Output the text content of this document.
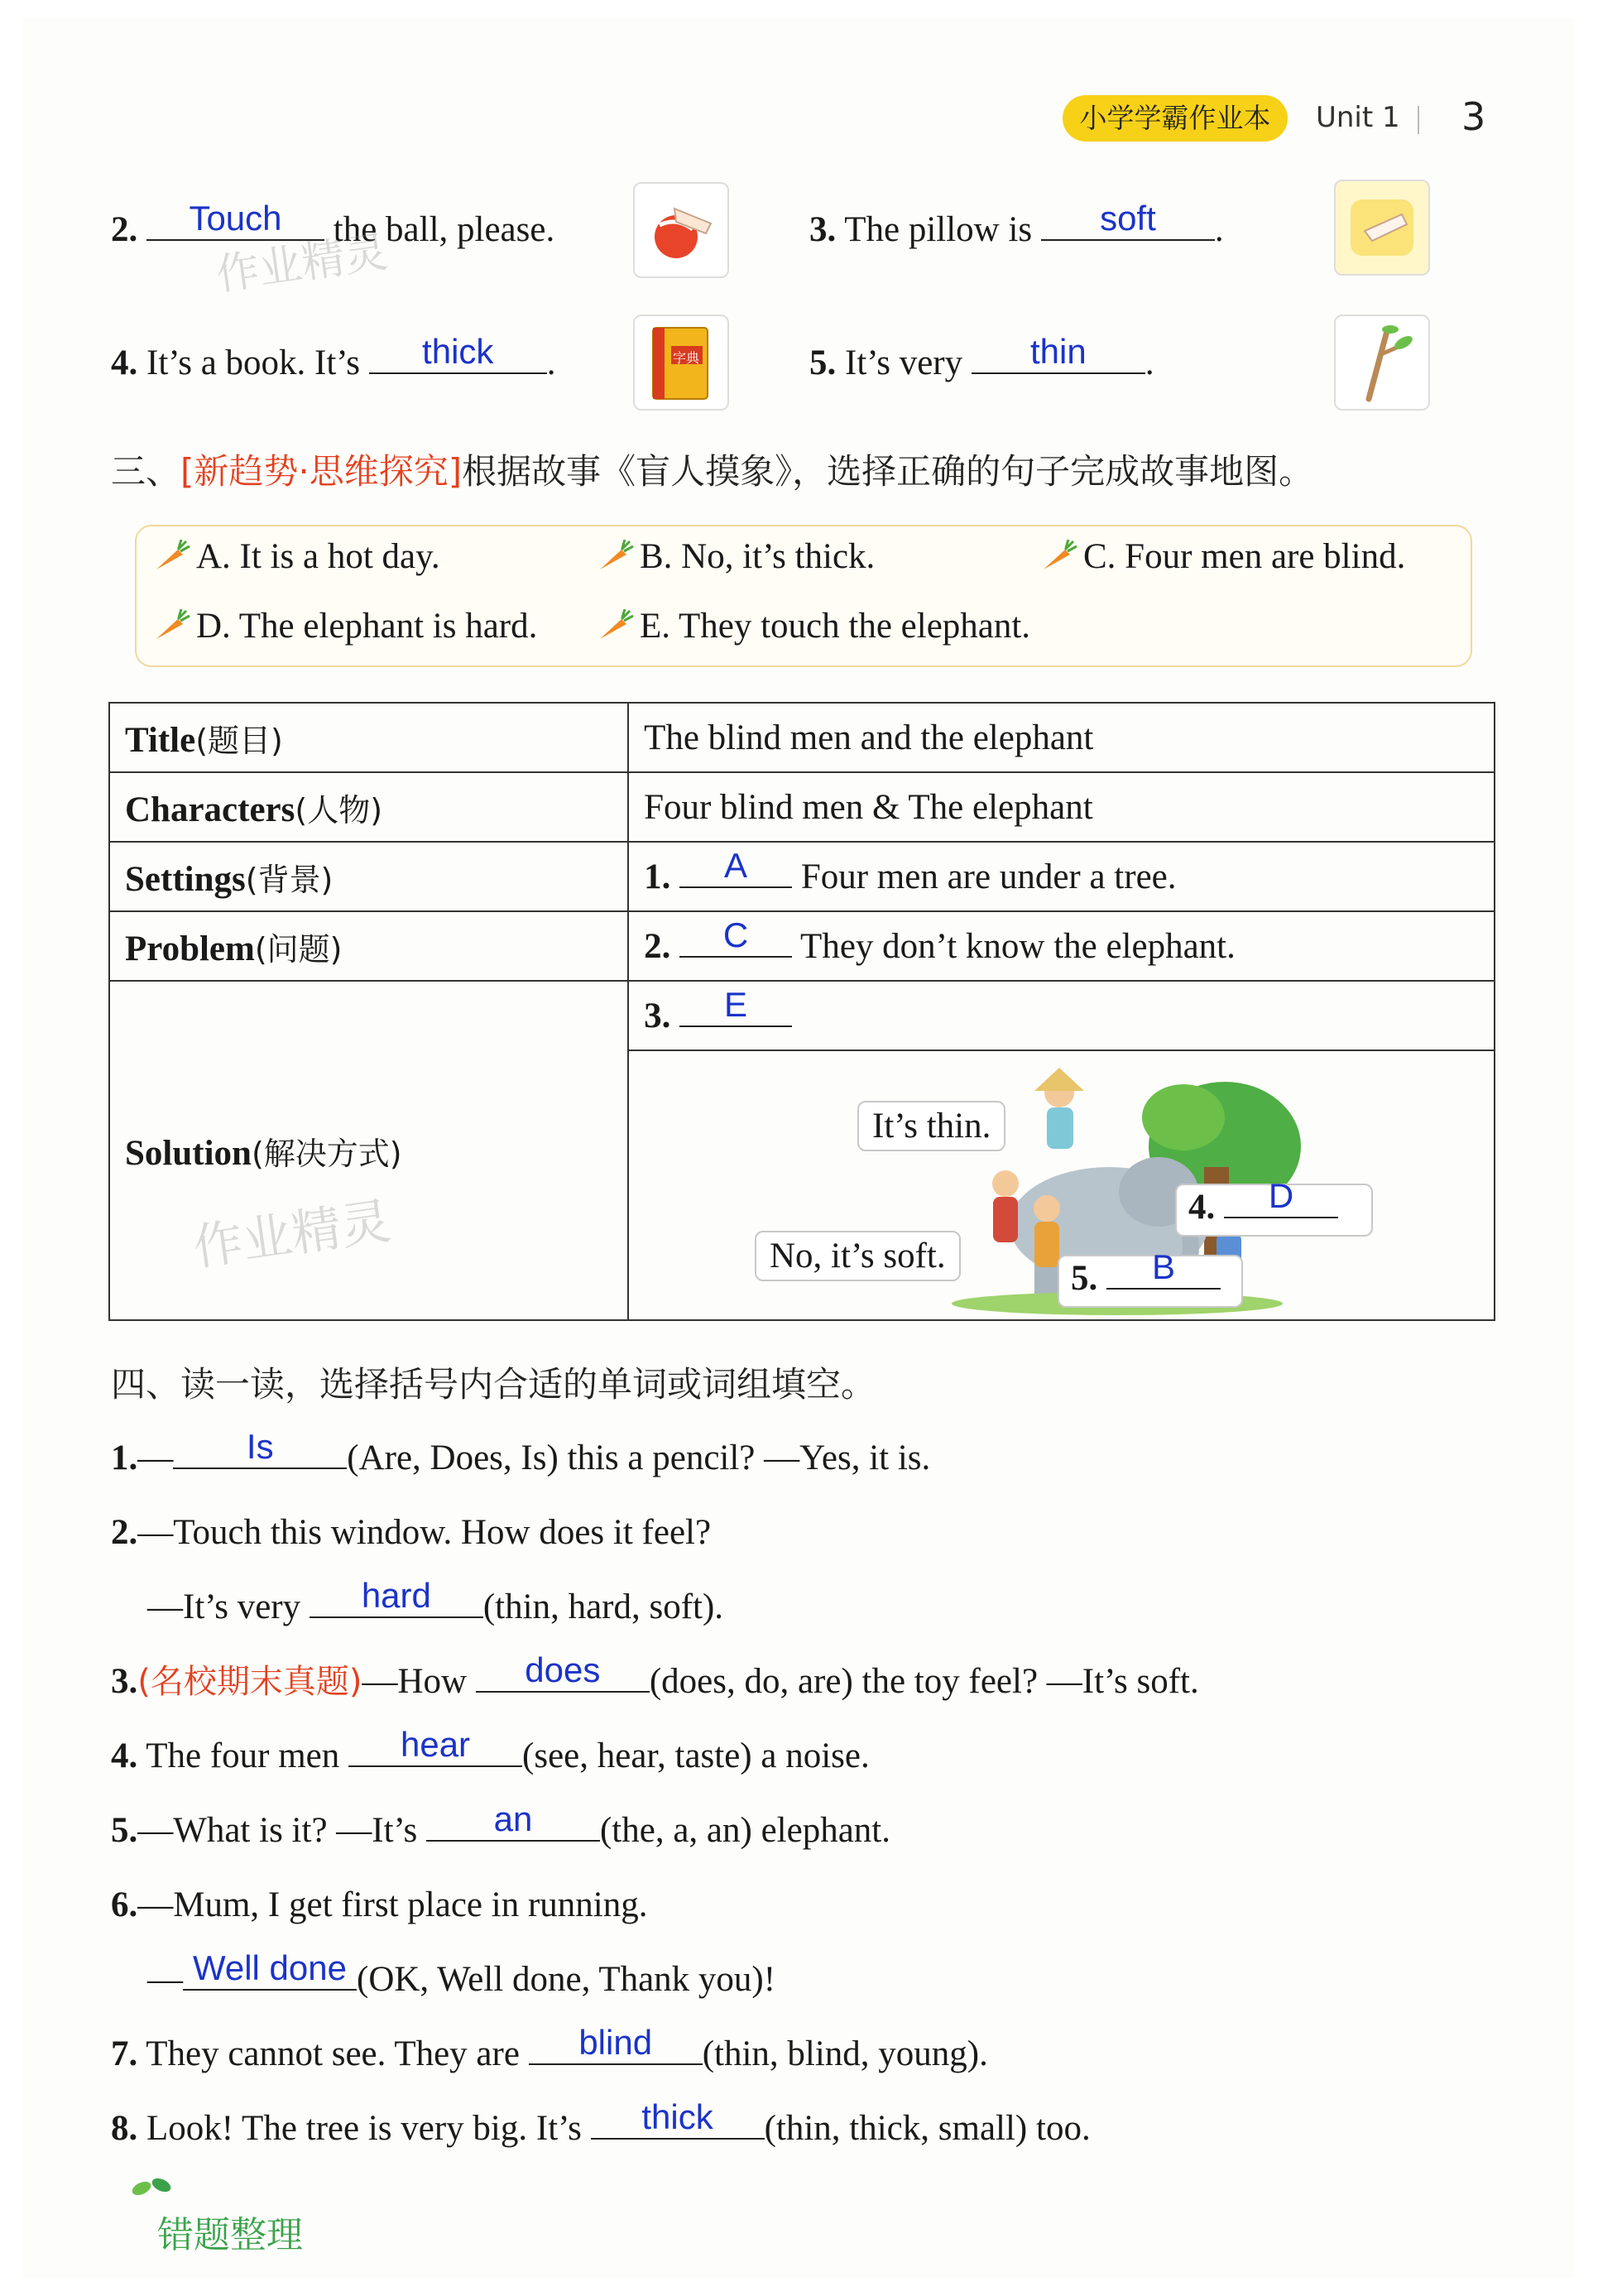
小学学霸作业本	Unit 1 3
2.	Touch	the ball, please.
作业精灵	3. The pillow is	soft	.
4. It’s a book. It’s	thick	.	字典	5. It’s very	thin	.
三、[新趋势·思维探究]根据故事《盲人摸象》，选择正确的句子完成故事地图。
A. It is a hot day.	B. No, it’s thick.	C. Four men are blind.
D. The elephant is hard.	E. They touch the elephant.
Title(题目)	The blind men and the elephant
Characters(人物)	Four blind men & The elephant
Settings(背景)	1. A Four men are under a tree.
Problem(问题)	2. C They don’t know the elephant.
Solution(解决方式)	3. E

作业精灵
It’s thin.
No, it’s soft.
4.	D
5.	B
四、读一读，选择括号内合适的单词或词组填空。
1.—	Is	(Are, Does, Is) this a pencil? —Yes, it is.
2.—Touch this window. How does it feel?
—It’s very	hard	(thin, hard, soft).
3.(名校期末真题)—How	does	(does, do, are) the toy feel? —It’s soft.
4. The four men	hear	(see, hear, taste) a noise.
5.—What is it? —It’s	an	(the, a, an) elephant.
6.—Mum, I get first place in running.
— Well done (OK, Well done, Thank you)!
7. They cannot see. They are	blind	(thin, blind, young).
8. Look! The tree is very big. It’s	thick	(thin, thick, small) too.
错题整理
